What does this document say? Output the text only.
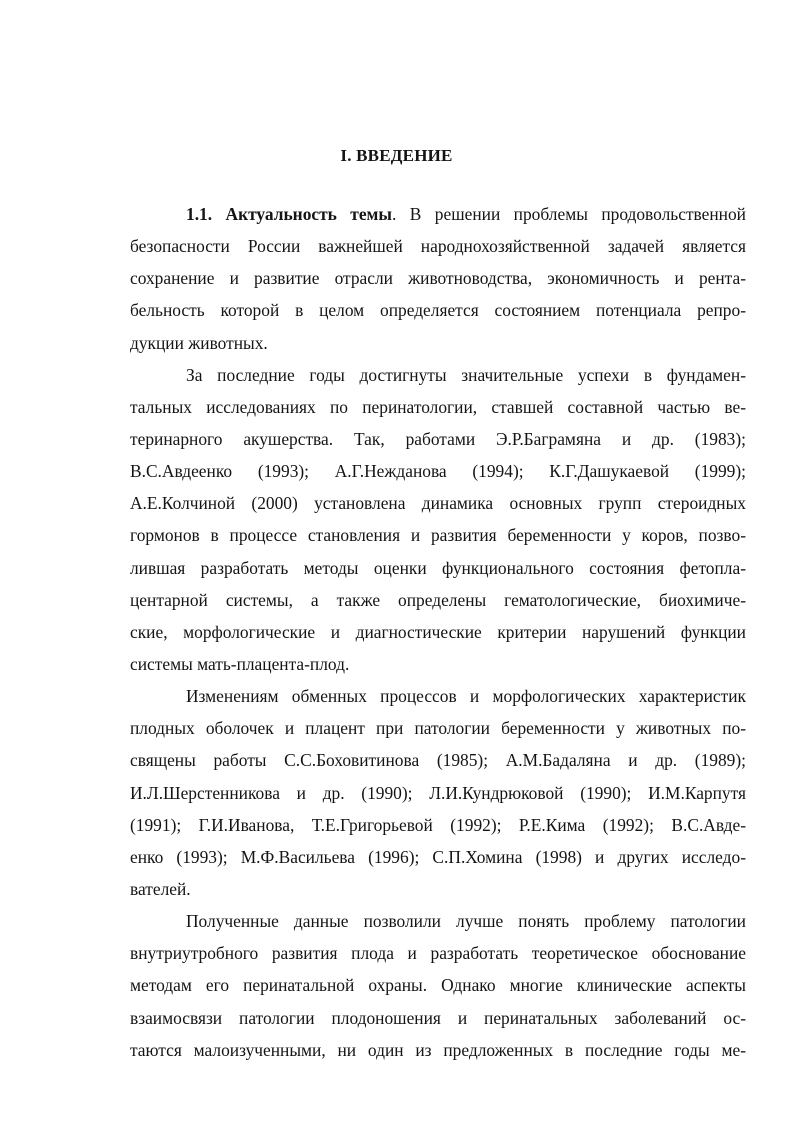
I. ВВЕДЕНИЕ
1.1. Актуальность темы. В решении проблемы продовольственной
безопасности России важнейшей народнохозяйственной задачей является
сохранение и развитие отрасли животноводства, экономичность и рента-
бельность которой в целом определяется состоянием потенциала репро-
дукции животных.
За последние годы достигнуты значительные успехи в фундамен-
тальных исследованиях по перинатологии, ставшей составной частью ве-
теринарного акушерства. Так, работами Э.Р.Баграмяна и др. (1983);
В.С.Авдеенко (1993); А.Г.Нежданова (1994); К.Г.Дашукаевой (1999);
А.Е.Колчиной (2000) установлена динамика основных групп стероидных
гормонов в процессе становления и развития беременности у коров, позво-
лившая разработать методы оценки функционального состояния фетопла-
центарной системы, а также определены гематологические, биохимиче-
ские, морфологические и диагностические критерии нарушений функции
системы мать-плацента-плод.
Изменениям обменных процессов и морфологических характеристик
плодных оболочек и плацент при патологии беременности у животных по-
священы работы С.С.Боховитинова (1985); А.М.Бадаляна и др. (1989);
И.Л.Шерстенникова и др. (1990); Л.И.Кундрюковой (1990); И.М.Карпутя
(1991); Г.И.Иванова, Т.Е.Григорьевой (1992); Р.Е.Кима (1992); В.С.Авде-
енко (1993); М.Ф.Васильева (1996); С.П.Хомина (1998) и других исследо-
вателей.
Полученные данные позволили лучше понять проблему патологии
внутриутробного развития плода и разработать теоретическое обоснование
методам его перинатальной охраны. Однако многие клинические аспекты
взаимосвязи патологии плодоношения и перинатальных заболеваний ос-
таются малоизученными, ни один из предложенных в последние годы ме-
